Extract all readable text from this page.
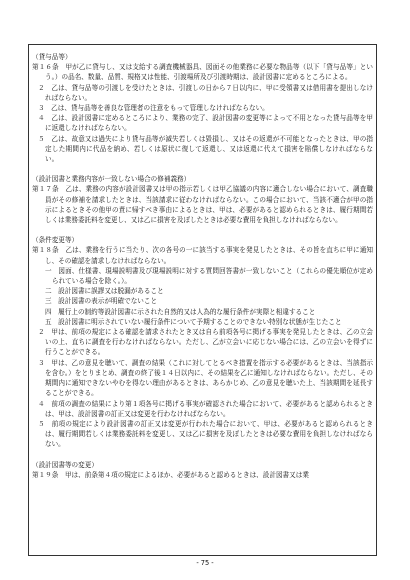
（貸与品等）

第１６条　甲が乙に貸与し、又は支給する調査機械器具、図面その他業務に必要な物品等（以下「貸与品等」という。）の品名、数量、品質、規格又は性能、引渡場所及び引渡時期は、設計図書に定めるところによる。

２　乙は、貸与品等の引渡しを受けたときは、引渡しの日から７日以内に、甲に受領書又は借用書を提出しなければならない。

３　乙は、貸与品等を善良な管理者の注意をもって管理しなければならない。

４　乙は、設計図書に定めるところにより、業務の完了、設計図書の変更等によって不用となった貸与品等を甲に返還しなければならない。

５　乙は、故意又は過失により貸与品等が滅失若しくは毀損し、又はその返還が不可能となったときは、甲の指定した期間内に代品を納め、若しくは原状に復して返還し、又は返還に代えて損害を賠償しなければならない。

（設計図書と業務内容が一致しない場合の修補義務）

第１７条　乙は、業務の内容が設計図書又は甲の指示若しくは甲乙協議の内容に適合しない場合において、調査職員がその修補を請求したときは、当該請求に従わなければならない。この場合において、当該不適合が甲の指示によるときその他甲の責に帰すべき事由によるときは、甲は、必要があると認められるときは、履行期間若しくは業務委託料を変更し、又は乙に損害を及ぼしたときは必要な費用を負担しなければならない。

（条件変更等）

第１８条　乙は、業務を行うに当たり、次の各号の一に該当する事実を発見したときは、その旨を直ちに甲に通知し、その確認を請求しなければならない。

一　図面、仕様書、現場説明書及び現場説明に対する質問回答書が一致しないこと（これらの優先順位が定められている場合を除く。）。

二　設計図書に誤謬又は脱漏があること

三　設計図書の表示が明確でないこと

四　履行上の制約等設計図書に示された自然的又は人為的な履行条件が実際と相違すること

五　設計図書に明示されていない履行条件について予期することのできない特別な状態が生じたこと

２　甲は、前項の規定による確認を請求されたとき又は自ら前項各号に掲げる事実を発見したときは、乙の立会いの上、直ちに調査を行わなければならない。ただし、乙が立会いに応じない場合には、乙の立会いを得ずに行うことができる。

３　甲は、乙の意見を聴いて、調査の結果（これに対してとるべき措置を指示する必要があるときは、当該指示を含む。）をとりまとめ、調査の終了後１４日以内に、その結果を乙に通知しなければならない。ただし、その期間内に通知できないやむを得ない理由があるときは、あらかじめ、乙の意見を聴いた上、当該期間を延長することができる。

４　前項の調査の結果により第１項各号に掲げる事実が確認された場合において、必要があると認められるときは、甲は、設計図書の訂正又は変更を行わなければならない。

５　前項の規定により設計図書の訂正又は変更が行われた場合において、甲は、必要があると認められるときは、履行期間若しくは業務委託料を変更し、又は乙に損害を及ぼしたときは必要な費用を負担しなければならない。

（設計図書等の変更）

第１９条　甲は、前条第４項の規定によるほか、必要があると認めるときは、設計図書又は業

- 75 -
